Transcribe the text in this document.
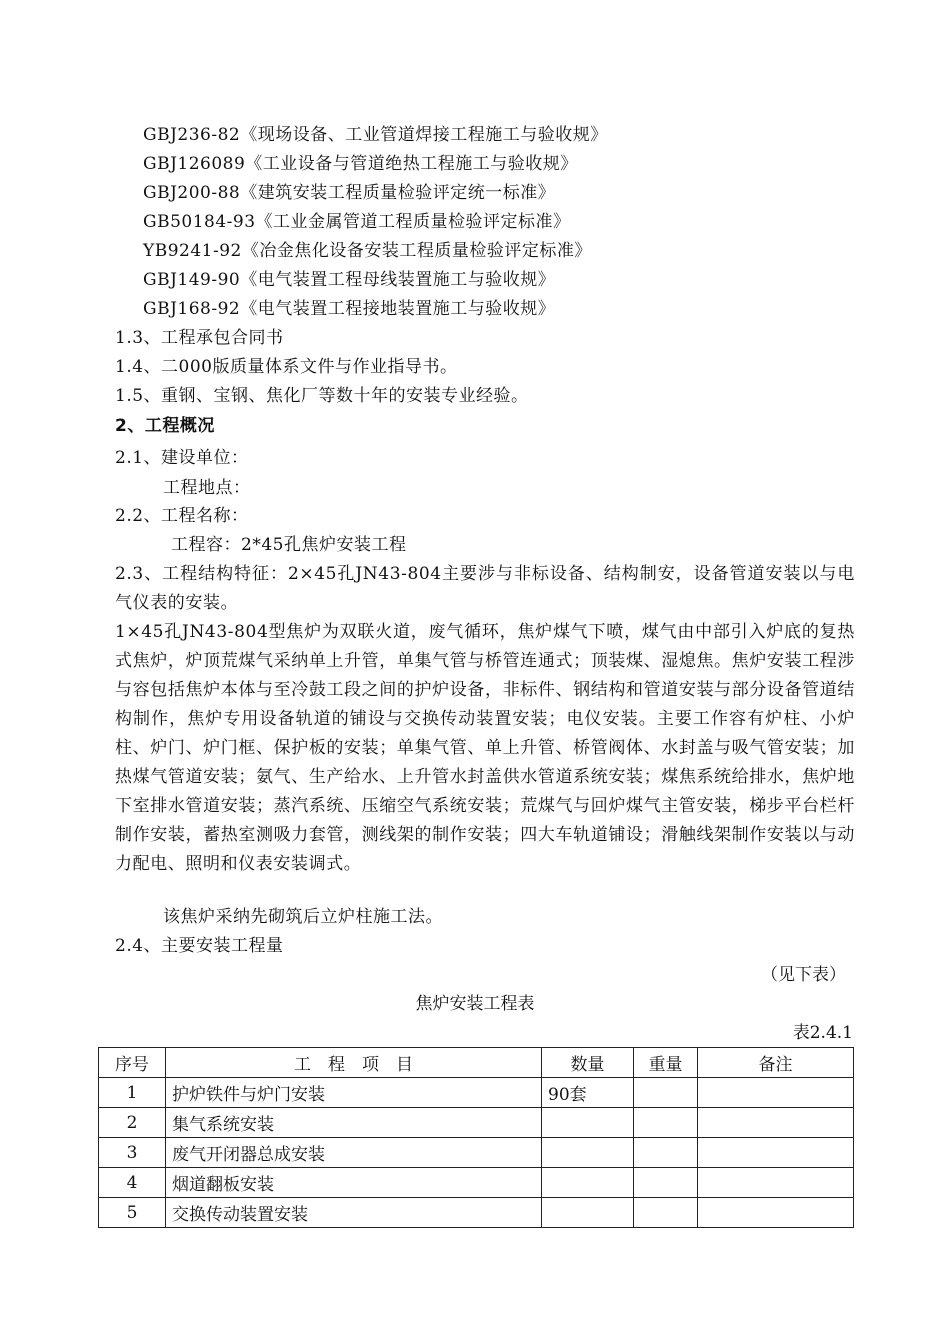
GBJ236-82《现场设备、工业管道焊接工程施工与验收规》
GBJ126089《工业设备与管道绝热工程施工与验收规》
GBJ200-88《建筑安装工程质量检验评定统一标准》
GB50184-93《工业金属管道工程质量检验评定标准》
YB9241-92《冶金焦化设备安装工程质量检验评定标准》
GBJ149-90《电气装置工程母线装置施工与验收规》
GBJ168-92《电气装置工程接地装置施工与验收规》
1.3、工程承包合同书
1.4、二000版质量体系文件与作业指导书。
1.5、重钢、宝钢、焦化厂等数十年的安装专业经验。
2、工程概况
2.1、建设单位：
工程地点：
2.2、工程名称：
工程容：2*45孔焦炉安装工程

2.3、工程结构特征：2×45孔JN43-804主要涉与非标设备、结构制安，设备管道安装以与电气仪表的安装。

1×45孔JN43-804型焦炉为双联火道，废气循环，焦炉煤气下喷，煤气由中部引入炉底的复热式焦炉，炉顶荒煤气采纳单上升管，单集气管与桥管连通式；顶装煤、湿熄焦。焦炉安装工程涉与容包括焦炉本体与至冷鼓工段之间的护炉设备，非标件、钢结构和管道安装与部分设备管道结构制作，焦炉专用设备轨道的铺设与交换传动装置安装；电仪安装。主要工作容有炉柱、小炉柱、炉门、炉门框、保护板的安装；单集气管、单上升管、桥管阀体、水封盖与吸气管安装；加热煤气管道安装；氨气、生产给水、上升管水封盖供水管道系统安装；煤焦系统给排水，焦炉地下室排水管道安装；蒸汽系统、压缩空气系统安装；荒煤气与回炉煤气主管安装，梯步平台栏杆制作安装，蓄热室测吸力套管，测线架的制作安装；四大车轨道铺设；滑触线架制作安装以与动力配电、照明和仪表安装调式。

该焦炉采纳先砌筑后立炉柱施工法。
2.4、主要安装工程量
（见下表）
焦炉安装工程表
表2.4.1
序号	工　程　项　目	数量	重量	备注
1	护炉铁件与炉门安装	90套		
2	集气系统安装			
3	废气开闭器总成安装			
4	烟道翻板安装			
5	交换传动装置安装			
